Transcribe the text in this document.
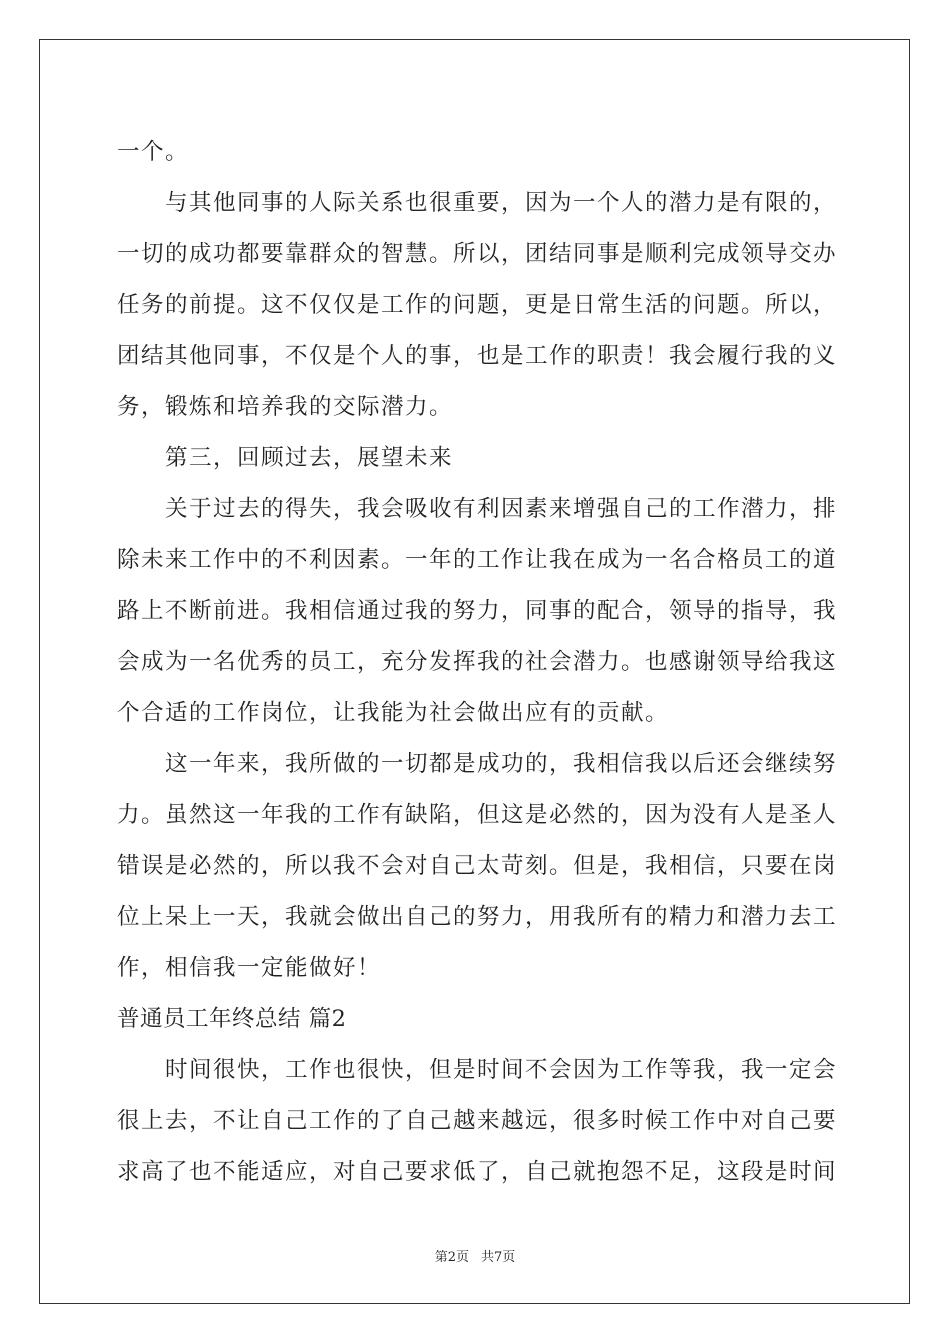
一个。
与其他同事的人际关系也很重要，因为一个人的潜力是有限的，
一切的成功都要靠群众的智慧。所以，团结同事是顺利完成领导交办
任务的前提。这不仅仅是工作的问题，更是日常生活的问题。所以，
团结其他同事，不仅是个人的事，也是工作的职责！我会履行我的义
务，锻炼和培养我的交际潜力。
第三，回顾过去，展望未来
关于过去的得失，我会吸收有利因素来增强自己的工作潜力，排
除未来工作中的不利因素。一年的工作让我在成为一名合格员工的道
路上不断前进。我相信通过我的努力，同事的配合，领导的指导，我
会成为一名优秀的员工，充分发挥我的社会潜力。也感谢领导给我这
个合适的工作岗位，让我能为社会做出应有的贡献。
这一年来，我所做的一切都是成功的，我相信我以后还会继续努
力。虽然这一年我的工作有缺陷，但这是必然的，因为没有人是圣人
错误是必然的，所以我不会对自己太苛刻。但是，我相信，只要在岗
位上呆上一天，我就会做出自己的努力，用我所有的精力和潜力去工
作，相信我一定能做好！
普通员工年终总结 篇2
时间很快，工作也很快，但是时间不会因为工作等我，我一定会
很上去，不让自己工作的了自己越来越远，很多时候工作中对自己要
求高了也不能适应，对自己要求低了，自己就抱怨不足，这段是时间
第2页 共7页
